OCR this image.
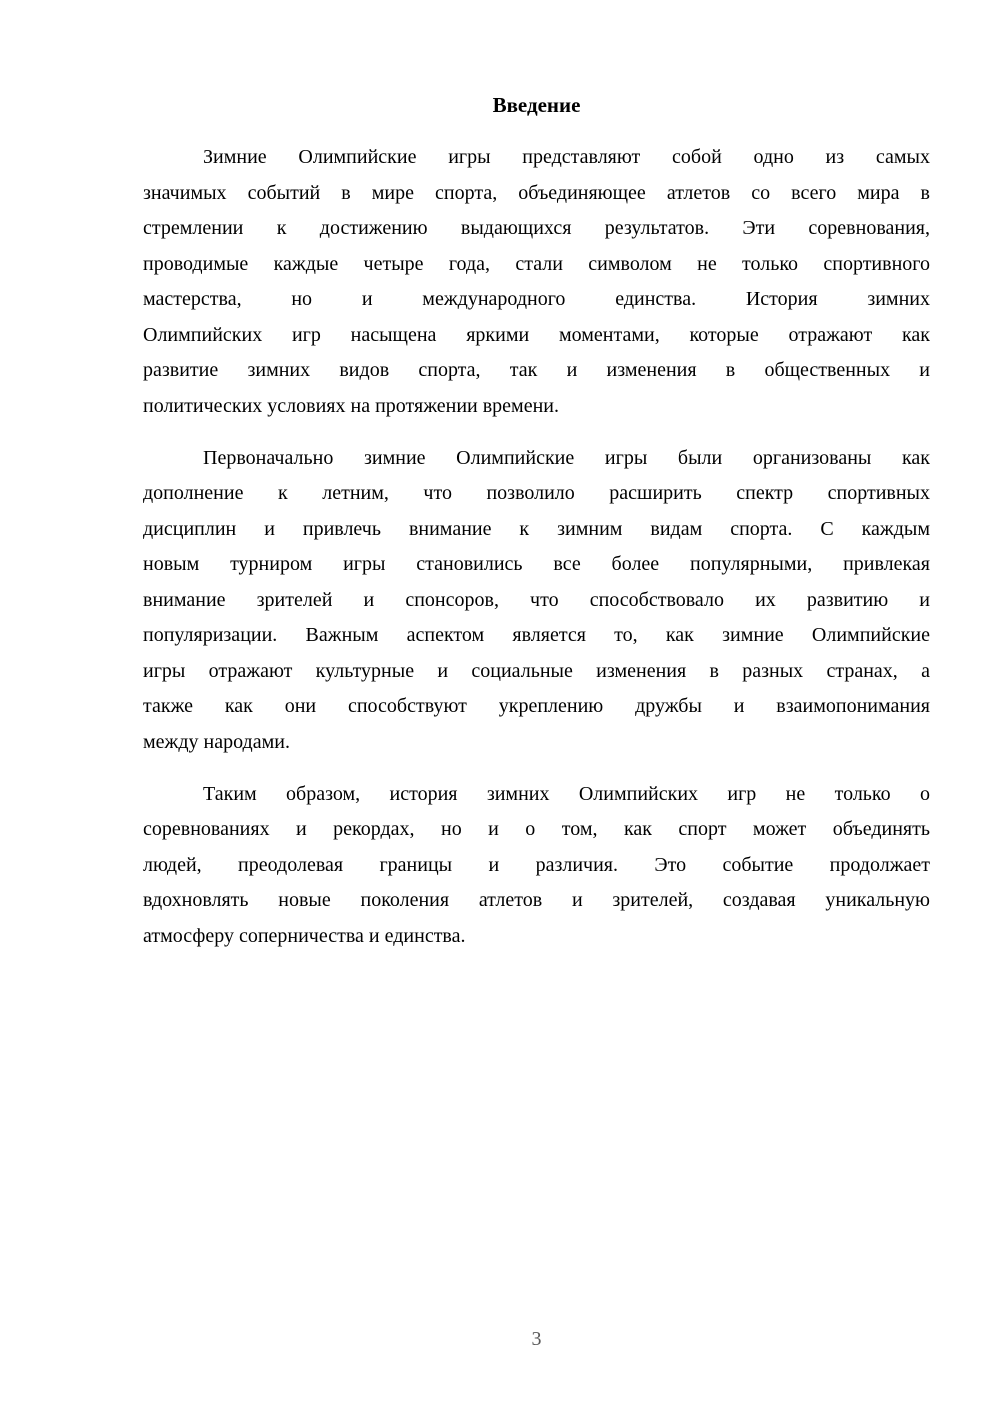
Введение
Зимние Олимпийские игры представляют собой одно из самых
значимых событий в мире спорта, объединяющее атлетов со всего мира в
стремлении к достижению выдающихся результатов. Эти соревнования,
проводимые каждые четыре года, стали символом не только спортивного
мастерства, но и международного единства. История зимних
Олимпийских игр насыщена яркими моментами, которые отражают как
развитие зимних видов спорта, так и изменения в общественных и
политических условиях на протяжении времени.
Первоначально зимние Олимпийские игры были организованы как
дополнение к летним, что позволило расширить спектр спортивных
дисциплин и привлечь внимание к зимним видам спорта. С каждым
новым турниром игры становились все более популярными, привлекая
внимание зрителей и спонсоров, что способствовало их развитию и
популяризации. Важным аспектом является то, как зимние Олимпийские
игры отражают культурные и социальные изменения в разных странах, а
также как они способствуют укреплению дружбы и взаимопонимания
между народами.
Таким образом, история зимних Олимпийских игр не только о
соревнованиях и рекордах, но и о том, как спорт может объединять
людей, преодолевая границы и различия. Это событие продолжает
вдохновлять новые поколения атлетов и зрителей, создавая уникальную
атмосферу соперничества и единства.
3
